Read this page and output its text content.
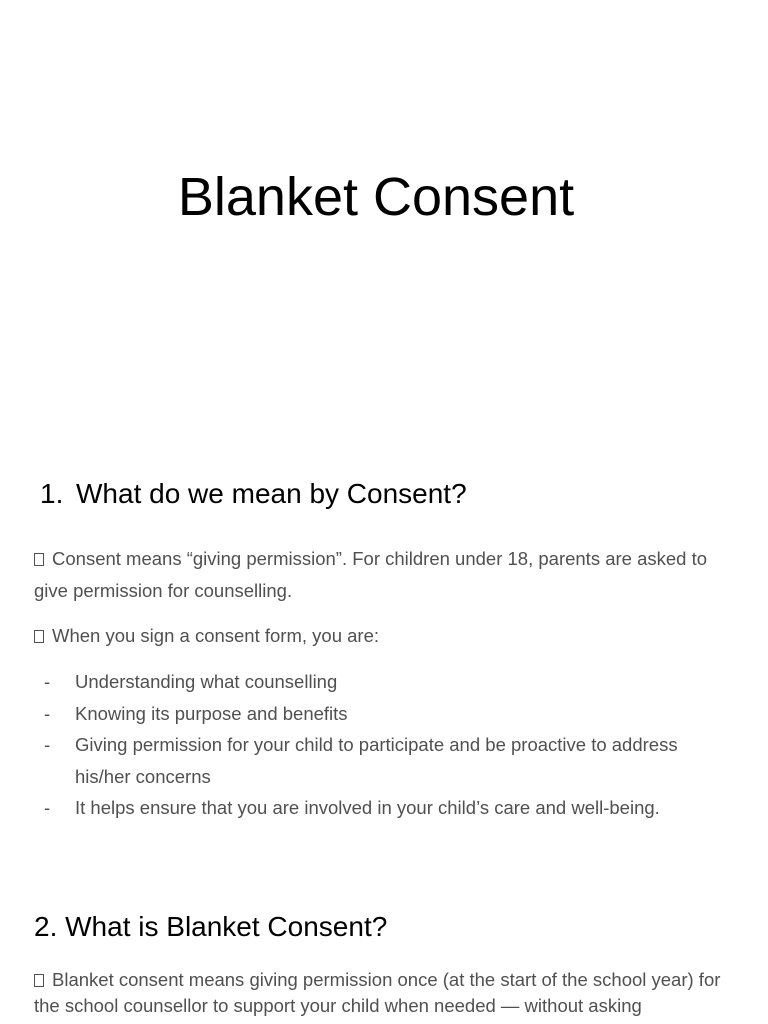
Blanket Consent
1. What do we mean by Consent?

Consent means “giving permission”. For children under 18, parents are asked to give permission for counselling.

When you sign a consent form, you are:

- Understanding what counselling
- Knowing its purpose and benefits
- Giving permission for your child to participate and be proactive to address his/her concerns
- It helps ensure that you are involved in your child’s care and well-being.
2. What is Blanket Consent?

Blanket consent means giving permission once (at the start of the school year) for the school counsellor to support your child when needed — without asking
